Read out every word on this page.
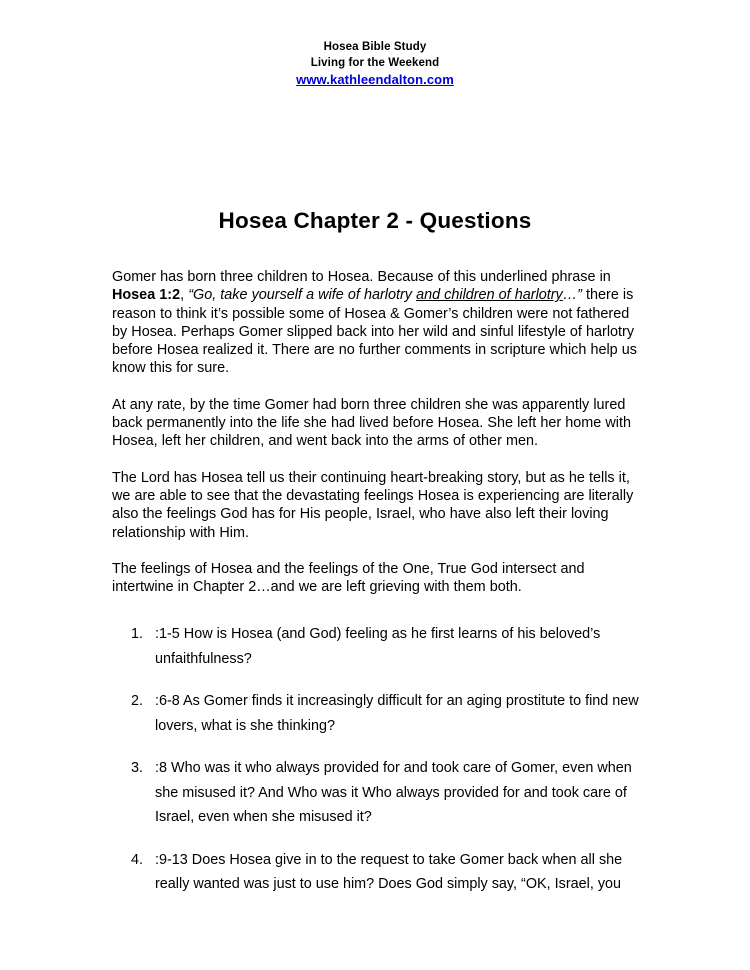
Hosea Bible Study
Living for the Weekend
www.kathleendalton.com
Hosea Chapter 2 - Questions

Gomer has born three children to Hosea. Because of this underlined phrase in Hosea 1:2, “Go, take yourself a wife of harlotry and children of harlotry…” there is reason to think it’s possible some of Hosea & Gomer’s children were not fathered by Hosea. Perhaps Gomer slipped back into her wild and sinful lifestyle of harlotry before Hosea realized it. There are no further comments in scripture which help us know this for sure.

At any rate, by the time Gomer had born three children she was apparently lured back permanently into the life she had lived before Hosea. She left her home with Hosea, left her children, and went back into the arms of other men.

The Lord has Hosea tell us their continuing heart-breaking story, but as he tells it, we are able to see that the devastating feelings Hosea is experiencing are literally also the feelings God has for His people, Israel, who have also left their loving relationship with Him.

The feelings of Hosea and the feelings of the One, True God intersect and intertwine in Chapter 2…and we are left grieving with them both.

1. :1-5 How is Hosea (and God) feeling as he first learns of his beloved’s unfaithfulness?
2. :6-8 As Gomer finds it increasingly difficult for an aging prostitute to find new lovers, what is she thinking?
3. :8 Who was it who always provided for and took care of Gomer, even when she misused it? And Who was it Who always provided for and took care of Israel, even when she misused it?
4. :9-13 Does Hosea give in to the request to take Gomer back when all she really wanted was just to use him? Does God simply say, “OK, Israel, you
